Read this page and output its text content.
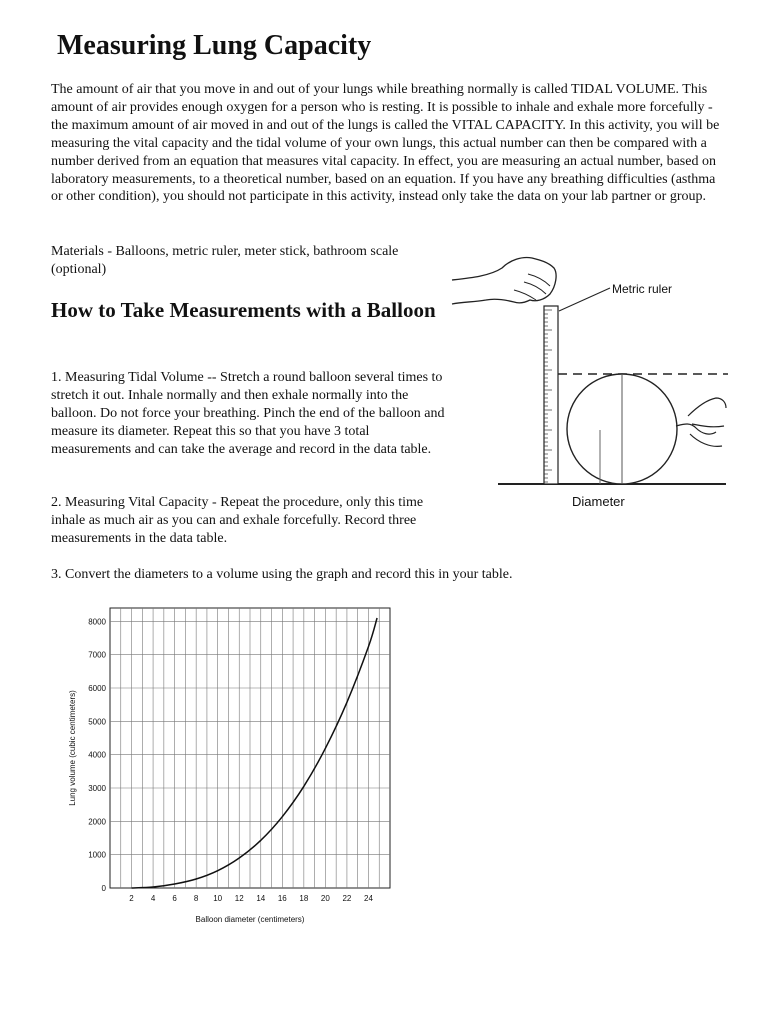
Measuring Lung Capacity

The amount of air that you move in and out of your lungs while breathing normally is called TIDAL VOLUME. This amount of air provides enough oxygen for a person who is resting. It is possible to inhale and exhale more forcefully - the maximum amount of air moved in and out of the lungs is called the VITAL CAPACITY. In this activity, you will be measuring the vital capacity and the tidal volume of your own lungs, this actual number can then be compared with a number derived from an equation that measures vital capacity. In effect, you are measuring an actual number, based on laboratory measurements, to a theoretical number, based on an equation. If you have any breathing difficulties (asthma or other condition), you should not participate in this activity, instead only take the data on your lab partner or group.

Materials - Balloons, metric ruler, meter stick, bathroom scale (optional)

How to Take Measurements with a Balloon

1. Measuring Tidal Volume -- Stretch a round balloon several times to stretch it out. Inhale normally and then exhale normally into the balloon. Do not force your breathing. Pinch the end of the balloon and measure its diameter. Repeat this so that you have 3 total measurements and can take the average and record in the data table.

2. Measuring Vital Capacity - Repeat the procedure, only this time inhale as much air as you can and exhale forcefully. Record three measurements in the data table.

3. Convert the diameters to a volume using the graph and record this in your table.

Metric ruler
Diameter
0
1000
2000
3000
4000
5000
6000
7000
8000
2 4 6 8 10 12 14 16 18 20 22 24
Balloon diameter (centimeters)
Lung volume (cubic centimeters)
